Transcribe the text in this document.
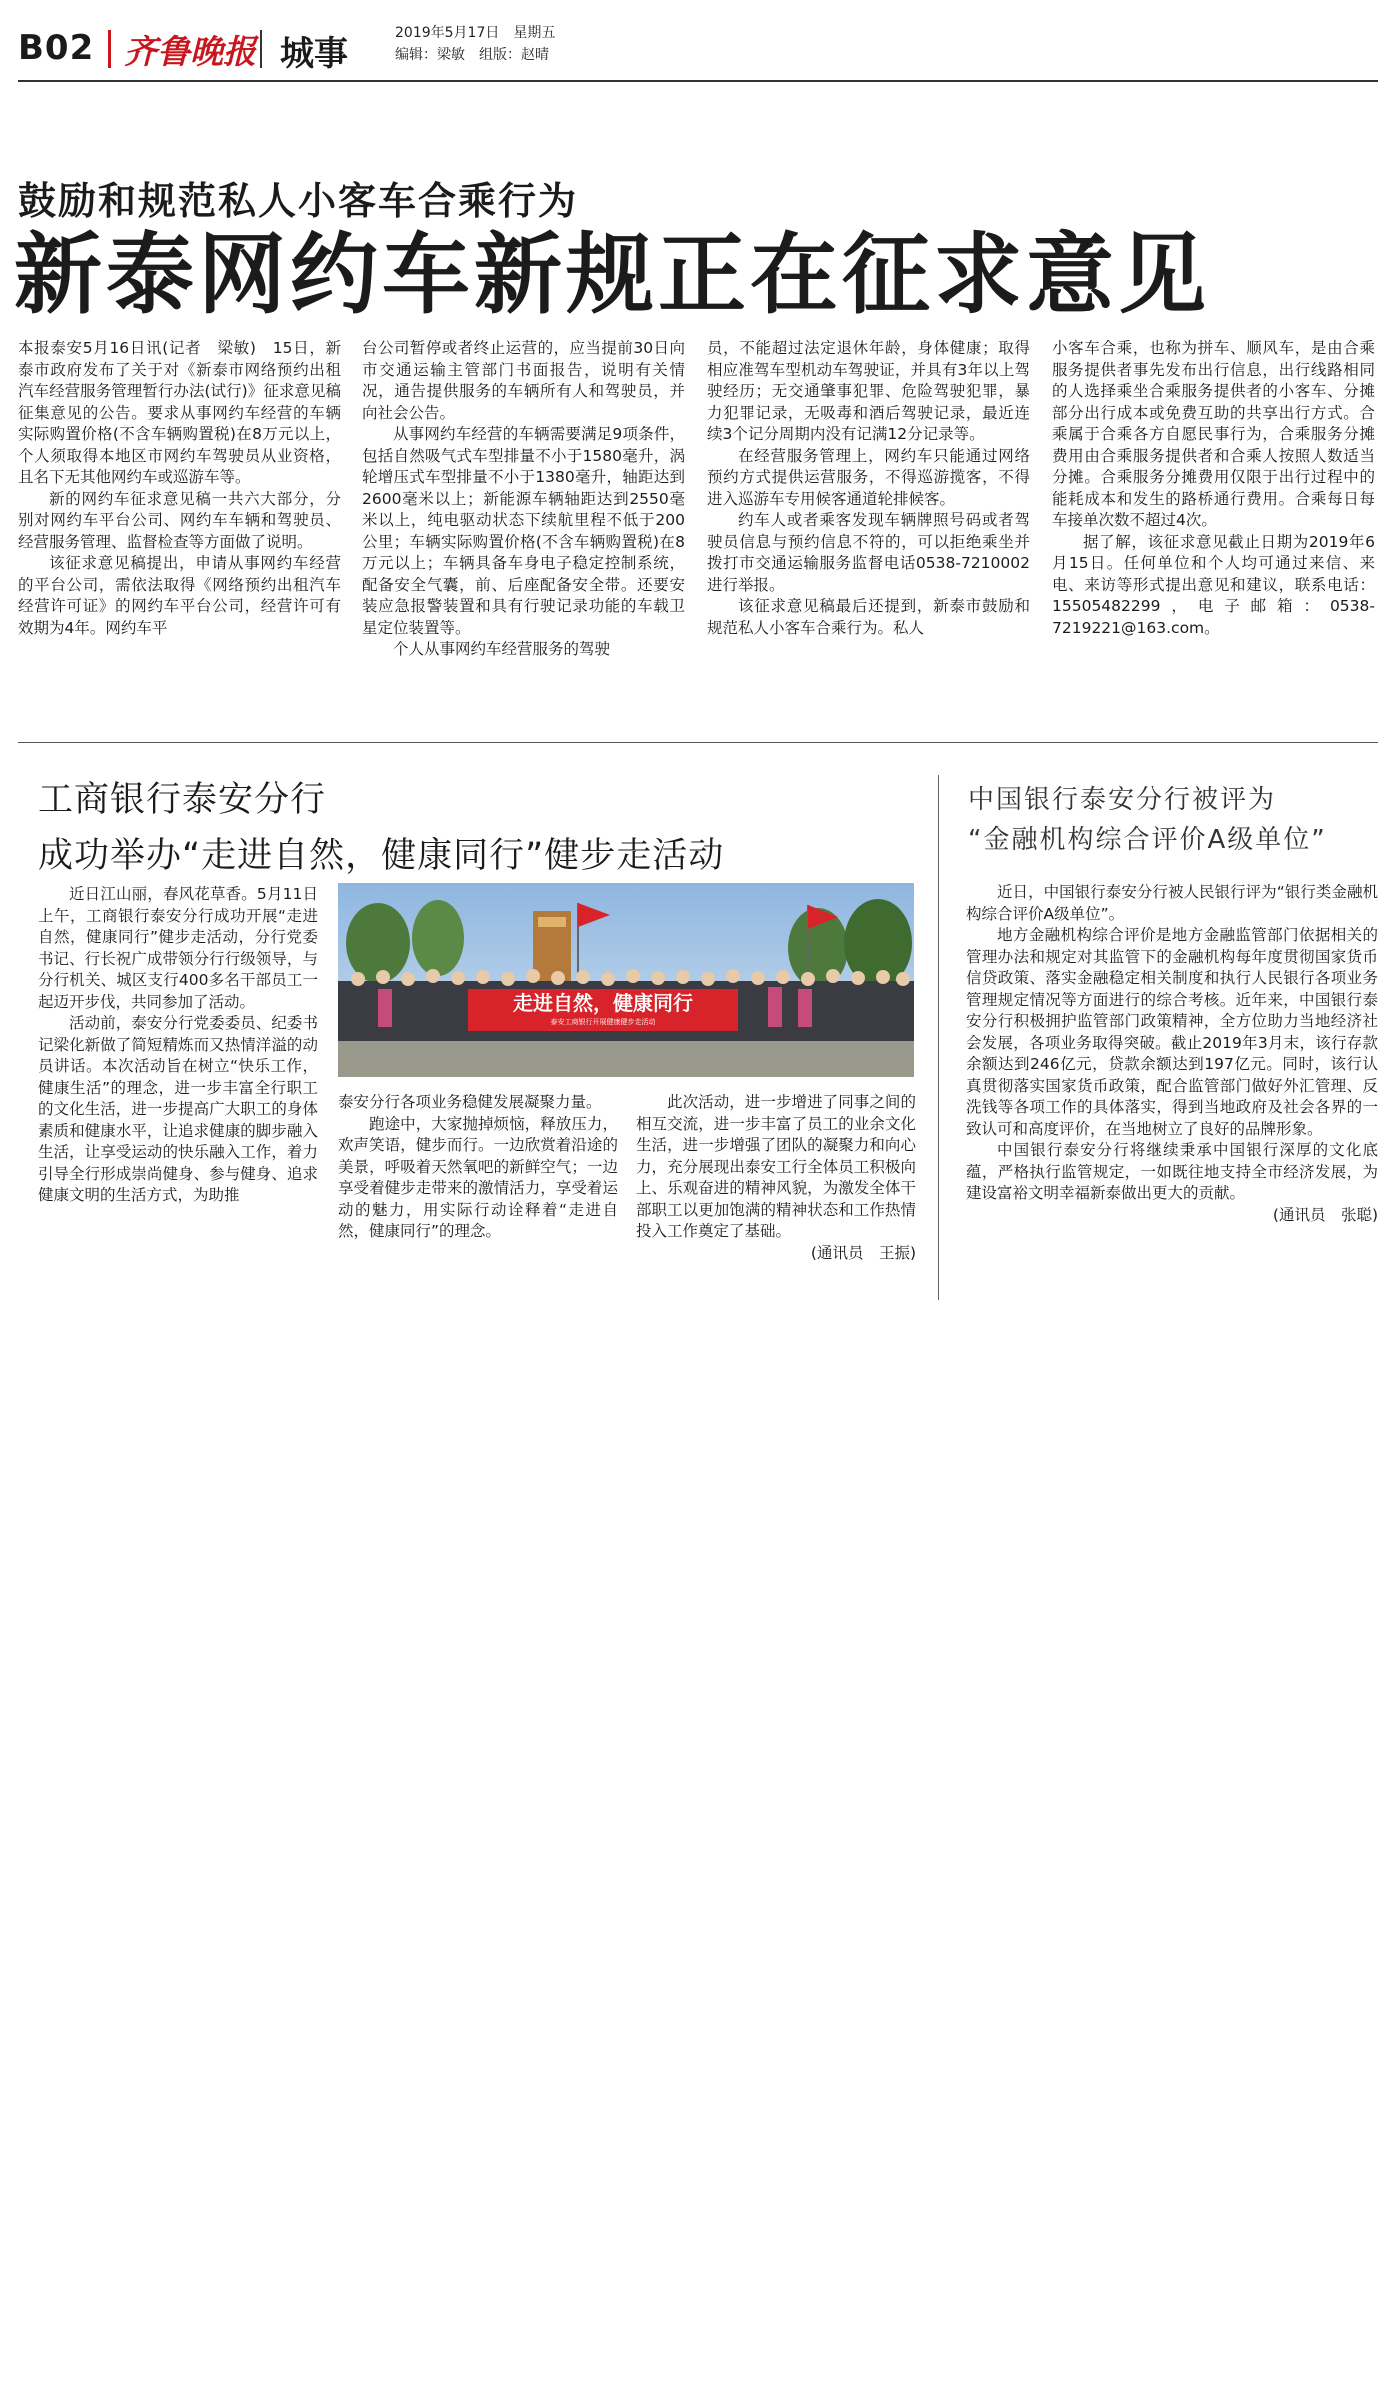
B02 齐鲁晚报 城事
2019年5月17日　星期五
编辑：梁敏　组版：赵晴
鼓励和规范私人小客车合乘行为
新泰网约车新规正在征求意见

本报泰安5月16日讯(记者　梁敏)　15日，新泰市政府发布了关于对《新泰市网络预约出租汽车经营服务管理暂行办法(试行)》征求意见稿征集意见的公告。要求从事网约车经营的车辆实际购置价格(不含车辆购置税)在8万元以上，个人须取得本地区市网约车驾驶员从业资格，且名下无其他网约车或巡游车等。

新的网约车征求意见稿一共六大部分，分别对网约车平台公司、网约车车辆和驾驶员、经营服务管理、监督检查等方面做了说明。

该征求意见稿提出，申请从事网约车经营的平台公司，需依法取得《网络预约出租汽车经营许可证》的网约车平台公司，经营许可有效期为4年。网约车平

台公司暂停或者终止运营的，应当提前30日向市交通运输主管部门书面报告，说明有关情况，通告提供服务的车辆所有人和驾驶员，并向社会公告。

从事网约车经营的车辆需要满足9项条件，包括自然吸气式车型排量不小于1580毫升，涡轮增压式车型排量不小于1380毫升，轴距达到2600毫米以上；新能源车辆轴距达到2550毫米以上，纯电驱动状态下续航里程不低于200公里；车辆实际购置价格(不含车辆购置税)在8万元以上；车辆具备车身电子稳定控制系统，配备安全气囊，前、后座配备安全带。还要安装应急报警装置和具有行驶记录功能的车载卫星定位装置等。

个人从事网约车经营服务的驾驶

员，不能超过法定退休年龄，身体健康；取得相应准驾车型机动车驾驶证，并具有3年以上驾驶经历；无交通肇事犯罪、危险驾驶犯罪，暴力犯罪记录，无吸毒和酒后驾驶记录，最近连续3个记分周期内没有记满12分记录等。

在经营服务管理上，网约车只能通过网络预约方式提供运营服务，不得巡游揽客，不得进入巡游车专用候客通道轮排候客。

约车人或者乘客发现车辆牌照号码或者驾驶员信息与预约信息不符的，可以拒绝乘坐并拨打市交通运输服务监督电话0538-7210002进行举报。

该征求意见稿最后还提到，新泰市鼓励和规范私人小客车合乘行为。私人

小客车合乘，也称为拼车、顺风车，是由合乘服务提供者事先发布出行信息，出行线路相同的人选择乘坐合乘服务提供者的小客车、分摊部分出行成本或免费互助的共享出行方式。合乘属于合乘各方自愿民事行为，合乘服务分摊费用由合乘服务提供者和合乘人按照人数适当分摊。合乘服务分摊费用仅限于出行过程中的能耗成本和发生的路桥通行费用。合乘每日每车接单次数不超过4次。

据了解，该征求意见截止日期为2019年6月15日。任何单位和个人均可通过来信、来电、来访等形式提出意见和建议，联系电话：15505482299，电子邮箱：0538-7219221@163.com。

工商银行泰安分行
成功举办“走进自然，健康同行”健步走活动
走进自然，健康同行
泰安工商银行开展健康健步走活动

近日江山丽，春风花草香。5月11日上午，工商银行泰安分行成功开展“走进自然，健康同行”健步走活动，分行党委书记、行长祝广成带领分行行级领导，与分行机关、城区支行400多名干部员工一起迈开步伐，共同参加了活动。

活动前，泰安分行党委委员、纪委书记梁化新做了简短精炼而又热情洋溢的动员讲话。本次活动旨在树立“快乐工作，健康生活”的理念，进一步丰富全行职工的文化生活，进一步提高广大职工的身体素质和健康水平，让追求健康的脚步融入生活，让享受运动的快乐融入工作，着力引导全行形成崇尚健身、参与健身、追求健康文明的生活方式，为助推

泰安分行各项业务稳健发展凝聚力量。

跑途中，大家抛掉烦恼，释放压力，欢声笑语，健步而行。一边欣赏着沿途的美景，呼吸着天然氧吧的新鲜空气；一边享受着健步走带来的激情活力，享受着运动的魅力，用实际行动诠释着“走进自然，健康同行”的理念。

此次活动，进一步增进了同事之间的相互交流，进一步丰富了员工的业余文化生活，进一步增强了团队的凝聚力和向心力，充分展现出泰安工行全体员工积极向上、乐观奋进的精神风貌，为激发全体干部职工以更加饱满的精神状态和工作热情投入工作奠定了基础。

(通讯员　王振)
中国银行泰安分行被评为
“金融机构综合评价A级单位”

近日，中国银行泰安分行被人民银行评为“银行类金融机构综合评价A级单位”。

地方金融机构综合评价是地方金融监管部门依据相关的管理办法和规定对其监管下的金融机构每年度贯彻国家货币信贷政策、落实金融稳定相关制度和执行人民银行各项业务管理规定情况等方面进行的综合考核。近年来，中国银行泰安分行积极拥护监管部门政策精神，全方位助力当地经济社会发展，各项业务取得突破。截止2019年3月末，该行存款余额达到246亿元，贷款余额达到197亿元。同时，该行认真贯彻落实国家货币政策，配合监管部门做好外汇管理、反洗钱等各项工作的具体落实，得到当地政府及社会各界的一致认可和高度评价，在当地树立了良好的品牌形象。

中国银行泰安分行将继续秉承中国银行深厚的文化底蕴，严格执行监管规定，一如既往地支持全市经济发展，为建设富裕文明幸福新泰做出更大的贡献。

(通讯员　张聪)
